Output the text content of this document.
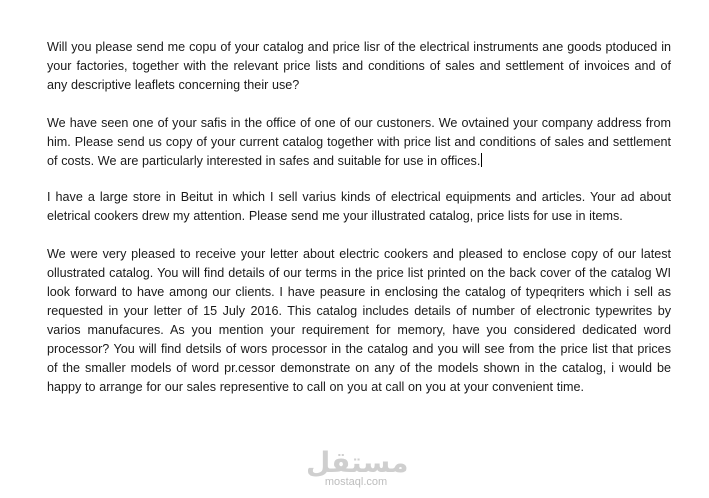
Will you please send me copu of your catalog and price lisr of the electrical instruments ane goods ptoduced in your factories, together with the relevant price lists and conditions of sales and settlement of invoices and of any descriptive leaflets concerning their use?

We have seen one of your safis in the office of one of our custoners. We ovtained your company address from him. Please send us copy of your current catalog together with price list and conditions of sales and settlement of costs. We are particularly interested in safes and suitable for use in offices.

I have a large store in Beitut in which I sell varius kinds of electrical equipments and articles. Your ad about eletrical cookers drew my attention. Please send me your illustrated catalog, price lists for use in items.

We were very pleased to receive your letter about electric cookers and pleased to enclose copy of our latest ollustrated catalog. You will find details of our terms in the price list printed on the back cover of the catalog WI look forward to have among our clients. I have peasure in enclosing the catalog of typeqriters which i sell as requested in your letter of 15 July 2016. This catalog includes details of number of electronic typewrites by varios manufacures. As you mention your requirement for memory, have you considered dedicated word processor? You will find detsils of wors processor in the catalog and you will see from the price list that prices of the smaller models of word pr.cessor demonstrate on any of the models shown in the catalog, i would be happy to arrange for our sales representive to call on you at call on you at your convenient time.

مستقل
mostaql.com
